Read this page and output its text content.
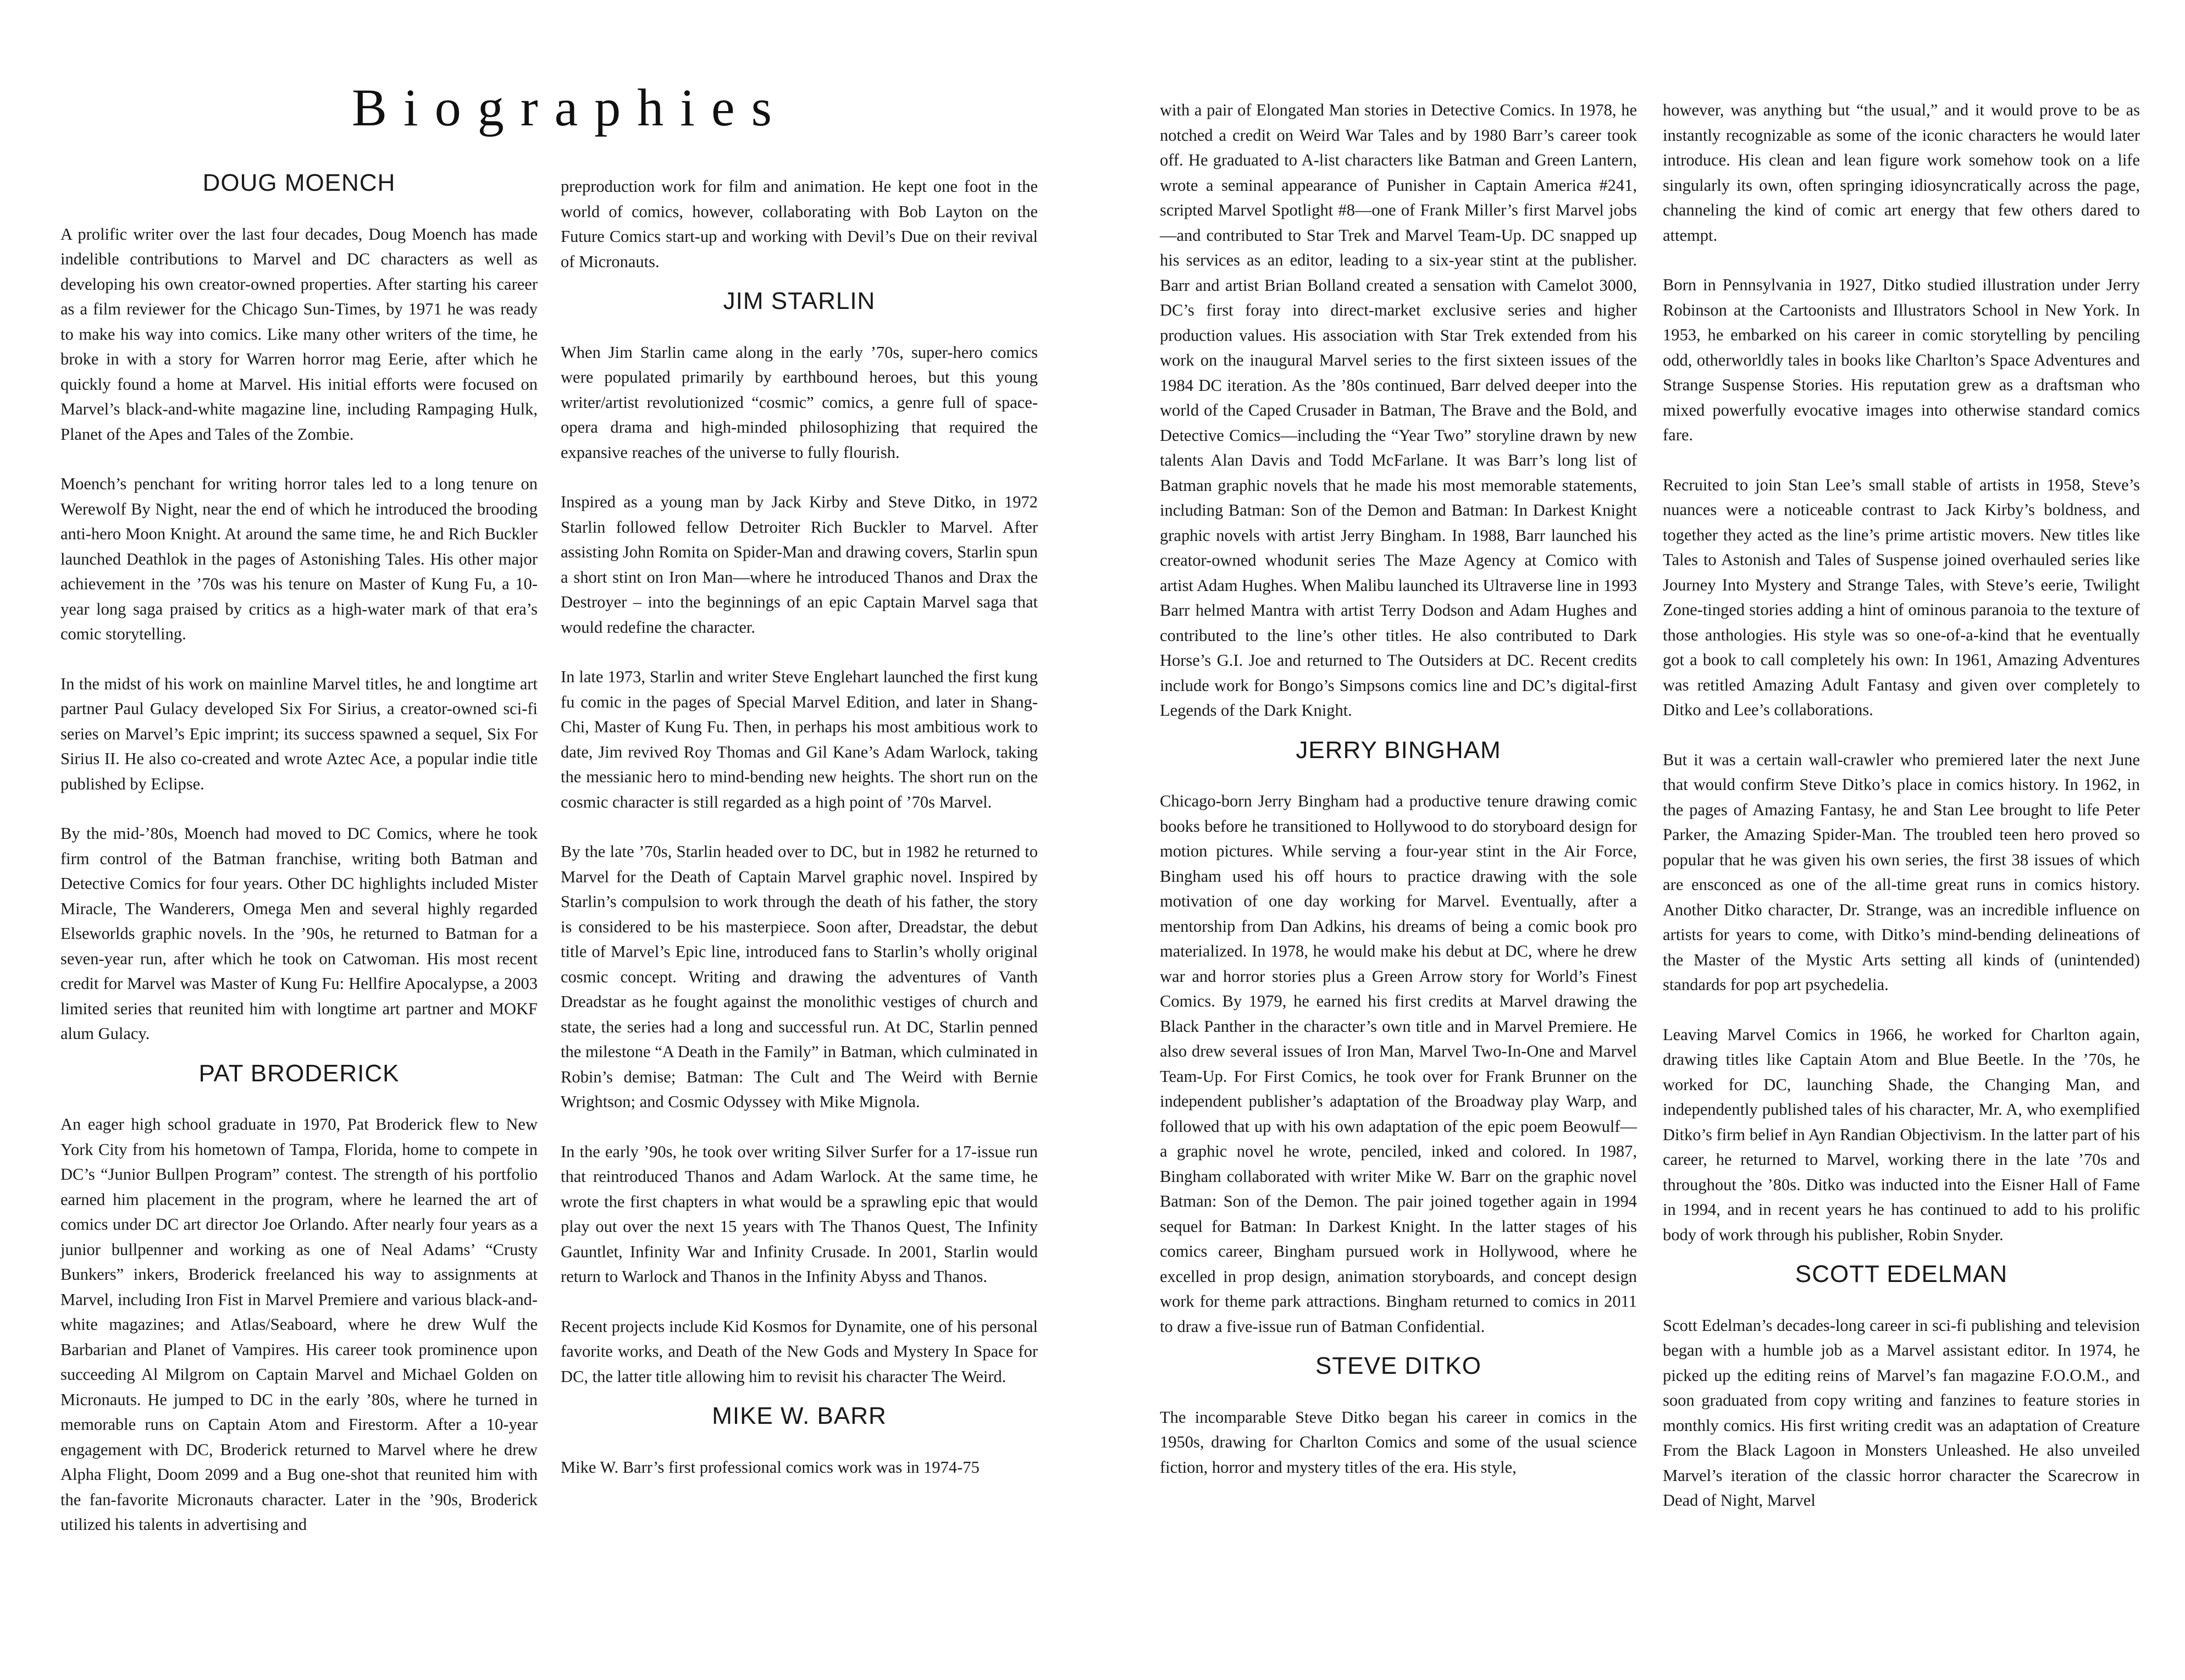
Biographies
DOUG MOENCH

A prolific writer over the last four decades, Doug Moench has made indelible contributions to Marvel and DC characters as well as developing his own creator-owned properties. After starting his career as a film reviewer for the Chicago Sun-Times, by 1971 he was ready to make his way into comics. Like many other writers of the time, he broke in with a story for Warren horror mag Eerie, after which he quickly found a home at Marvel. His initial efforts were focused on Marvel’s black-and-white magazine line, including Rampaging Hulk, Planet of the Apes and Tales of the Zombie.

Moench’s penchant for writing horror tales led to a long tenure on Werewolf By Night, near the end of which he introduced the brooding anti-hero Moon Knight. At around the same time, he and Rich Buckler launched Deathlok in the pages of Astonishing Tales. His other major achievement in the ’70s was his tenure on Master of Kung Fu, a 10-year long saga praised by critics as a high-water mark of that era’s comic storytelling.

In the midst of his work on mainline Marvel titles, he and longtime art partner Paul Gulacy developed Six For Sirius, a creator-owned sci-fi series on Marvel’s Epic imprint; its success spawned a sequel, Six For Sirius II. He also co-created and wrote Aztec Ace, a popular indie title published by Eclipse.

By the mid-’80s, Moench had moved to DC Comics, where he took firm control of the Batman franchise, writing both Batman and Detective Comics for four years. Other DC highlights included Mister Miracle, The Wanderers, Omega Men and several highly regarded Elseworlds graphic novels. In the ’90s, he returned to Batman for a seven-year run, after which he took on Catwoman. His most recent credit for Marvel was Master of Kung Fu: Hellfire Apocalypse, a 2003 limited series that reunited him with longtime art partner and MOKF alum Gulacy.

PAT BRODERICK

An eager high school graduate in 1970, Pat Broderick flew to New York City from his hometown of Tampa, Florida, home to compete in DC’s “Junior Bullpen Program” contest. The strength of his portfolio earned him placement in the program, where he learned the art of comics under DC art director Joe Orlando. After nearly four years as a junior bullpenner and working as one of Neal Adams’ “Crusty Bunkers” inkers, Broderick freelanced his way to assignments at Marvel, including Iron Fist in Marvel Premiere and various black-and-white magazines; and Atlas/Seaboard, where he drew Wulf the Barbarian and Planet of Vampires. His career took prominence upon succeeding Al Milgrom on Captain Marvel and Michael Golden on Micronauts. He jumped to DC in the early ’80s, where he turned in memorable runs on Captain Atom and Firestorm. After a 10-year engagement with DC, Broderick returned to Marvel where he drew Alpha Flight, Doom 2099 and a Bug one-shot that reunited him with the fan-favorite Micronauts character. Later in the ’90s, Broderick utilized his talents in advertising and

preproduction work for film and animation. He kept one foot in the world of comics, however, collaborating with Bob Layton on the Future Comics start-up and working with Devil’s Due on their revival of Micronauts.

JIM STARLIN

When Jim Starlin came along in the early ’70s, super-hero comics were populated primarily by earthbound heroes, but this young writer/artist revolutionized “cosmic” comics, a genre full of space-opera drama and high-minded philosophizing that required the expansive reaches of the universe to fully flourish.

Inspired as a young man by Jack Kirby and Steve Ditko, in 1972 Starlin followed fellow Detroiter Rich Buckler to Marvel. After assisting John Romita on Spider-Man and drawing covers, Starlin spun a short stint on Iron Man—where he introduced Thanos and Drax the Destroyer – into the beginnings of an epic Captain Marvel saga that would redefine the character.

In late 1973, Starlin and writer Steve Englehart launched the first kung fu comic in the pages of Special Marvel Edition, and later in Shang-Chi, Master of Kung Fu. Then, in perhaps his most ambitious work to date, Jim revived Roy Thomas and Gil Kane’s Adam Warlock, taking the messianic hero to mind-bending new heights. The short run on the cosmic character is still regarded as a high point of ’70s Marvel.

By the late ’70s, Starlin headed over to DC, but in 1982 he returned to Marvel for the Death of Captain Marvel graphic novel. Inspired by Starlin’s compulsion to work through the death of his father, the story is considered to be his masterpiece. Soon after, Dreadstar, the debut title of Marvel’s Epic line, introduced fans to Starlin’s wholly original cosmic concept. Writing and drawing the adventures of Vanth Dreadstar as he fought against the monolithic vestiges of church and state, the series had a long and successful run. At DC, Starlin penned the milestone “A Death in the Family” in Batman, which culminated in Robin’s demise; Batman: The Cult and The Weird with Bernie Wrightson; and Cosmic Odyssey with Mike Mignola.

In the early ’90s, he took over writing Silver Surfer for a 17-issue run that reintroduced Thanos and Adam Warlock. At the same time, he wrote the first chapters in what would be a sprawling epic that would play out over the next 15 years with The Thanos Quest, The Infinity Gauntlet, Infinity War and Infinity Crusade. In 2001, Starlin would return to Warlock and Thanos in the Infinity Abyss and Thanos.

Recent projects include Kid Kosmos for Dynamite, one of his personal favorite works, and Death of the New Gods and Mystery In Space for DC, the latter title allowing him to revisit his character The Weird.

MIKE W. BARR

Mike W. Barr’s first professional comics work was in 1974-75

with a pair of Elongated Man stories in Detective Comics. In 1978, he notched a credit on Weird War Tales and by 1980 Barr’s career took off. He graduated to A-list characters like Batman and Green Lantern, wrote a seminal appearance of Punisher in Captain America #241, scripted Marvel Spotlight #8—one of Frank Miller’s first Marvel jobs—and contributed to Star Trek and Marvel Team-Up. DC snapped up his services as an editor, leading to a six-year stint at the publisher. Barr and artist Brian Bolland created a sensation with Camelot 3000, DC’s first foray into direct-market exclusive series and higher production values. His association with Star Trek extended from his work on the inaugural Marvel series to the first sixteen issues of the 1984 DC iteration. As the ’80s continued, Barr delved deeper into the world of the Caped Crusader in Batman, The Brave and the Bold, and Detective Comics—including the “Year Two” storyline drawn by new talents Alan Davis and Todd McFarlane. It was Barr’s long list of Batman graphic novels that he made his most memorable statements, including Batman: Son of the Demon and Batman: In Darkest Knight graphic novels with artist Jerry Bingham. In 1988, Barr launched his creator-owned whodunit series The Maze Agency at Comico with artist Adam Hughes. When Malibu launched its Ultraverse line in 1993 Barr helmed Mantra with artist Terry Dodson and Adam Hughes and contributed to the line’s other titles. He also contributed to Dark Horse’s G.I. Joe and returned to The Outsiders at DC. Recent credits include work for Bongo’s Simpsons comics line and DC’s digital-first Legends of the Dark Knight.

JERRY BINGHAM

Chicago-born Jerry Bingham had a productive tenure drawing comic books before he transitioned to Hollywood to do storyboard design for motion pictures. While serving a four-year stint in the Air Force, Bingham used his off hours to practice drawing with the sole motivation of one day working for Marvel. Eventually, after a mentorship from Dan Adkins, his dreams of being a comic book pro materialized. In 1978, he would make his debut at DC, where he drew war and horror stories plus a Green Arrow story for World’s Finest Comics. By 1979, he earned his first credits at Marvel drawing the Black Panther in the character’s own title and in Marvel Premiere. He also drew several issues of Iron Man, Marvel Two-In-One and Marvel Team-Up. For First Comics, he took over for Frank Brunner on the independent publisher’s adaptation of the Broadway play Warp, and followed that up with his own adaptation of the epic poem Beowulf—a graphic novel he wrote, penciled, inked and colored. In 1987, Bingham collaborated with writer Mike W. Barr on the graphic novel Batman: Son of the Demon. The pair joined together again in 1994 sequel for Batman: In Darkest Knight. In the latter stages of his comics career, Bingham pursued work in Hollywood, where he excelled in prop design, animation storyboards, and concept design work for theme park attractions. Bingham returned to comics in 2011 to draw a five-issue run of Batman Confidential.

STEVE DITKO

The incomparable Steve Ditko began his career in comics in the 1950s, drawing for Charlton Comics and some of the usual science fiction, horror and mystery titles of the era. His style,

however, was anything but “the usual,” and it would prove to be as instantly recognizable as some of the iconic characters he would later introduce. His clean and lean figure work somehow took on a life singularly its own, often springing idiosyncratically across the page, channeling the kind of comic art energy that few others dared to attempt.

Born in Pennsylvania in 1927, Ditko studied illustration under Jerry Robinson at the Cartoonists and Illustrators School in New York. In 1953, he embarked on his career in comic storytelling by penciling odd, otherworldly tales in books like Charlton’s Space Adventures and Strange Suspense Stories. His reputation grew as a draftsman who mixed powerfully evocative images into otherwise standard comics fare.

Recruited to join Stan Lee’s small stable of artists in 1958, Steve’s nuances were a noticeable contrast to Jack Kirby’s boldness, and together they acted as the line’s prime artistic movers. New titles like Tales to Astonish and Tales of Suspense joined overhauled series like Journey Into Mystery and Strange Tales, with Steve’s eerie, Twilight Zone-tinged stories adding a hint of ominous paranoia to the texture of those anthologies. His style was so one-of-a-kind that he eventually got a book to call completely his own: In 1961, Amazing Adventures was retitled Amazing Adult Fantasy and given over completely to Ditko and Lee’s collaborations.

But it was a certain wall-crawler who premiered later the next June that would confirm Steve Ditko’s place in comics history. In 1962, in the pages of Amazing Fantasy, he and Stan Lee brought to life Peter Parker, the Amazing Spider-Man. The troubled teen hero proved so popular that he was given his own series, the first 38 issues of which are ensconced as one of the all-time great runs in comics history. Another Ditko character, Dr. Strange, was an incredible influence on artists for years to come, with Ditko’s mind-bending delineations of the Master of the Mystic Arts setting all kinds of (unintended) standards for pop art psychedelia.

Leaving Marvel Comics in 1966, he worked for Charlton again, drawing titles like Captain Atom and Blue Beetle. In the ’70s, he worked for DC, launching Shade, the Changing Man, and independently published tales of his character, Mr. A, who exemplified Ditko’s firm belief in Ayn Randian Objectivism. In the latter part of his career, he returned to Marvel, working there in the late ’70s and throughout the ’80s. Ditko was inducted into the Eisner Hall of Fame in 1994, and in recent years he has continued to add to his prolific body of work through his publisher, Robin Snyder.

SCOTT EDELMAN

Scott Edelman’s decades-long career in sci-fi publishing and television began with a humble job as a Marvel assistant editor. In 1974, he picked up the editing reins of Marvel’s fan magazine F.O.O.M., and soon graduated from copy writing and fanzines to feature stories in monthly comics. His first writing credit was an adaptation of Creature From the Black Lagoon in Monsters Unleashed. He also unveiled Marvel’s iteration of the classic horror character the Scarecrow in Dead of Night, Marvel
